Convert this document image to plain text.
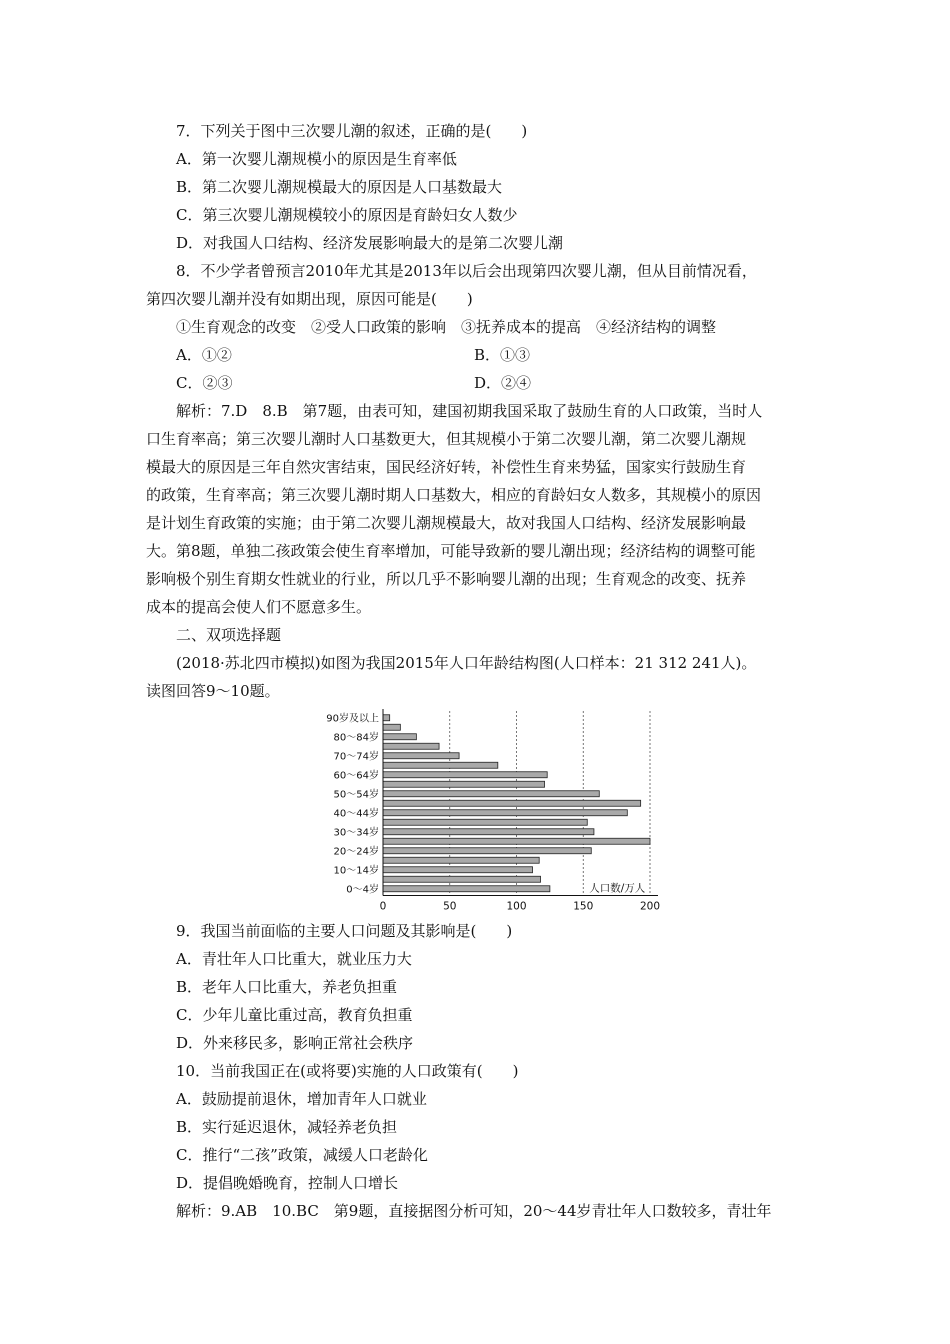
7．下列关于图中三次婴儿潮的叙述，正确的是(　　)
A．第一次婴儿潮规模小的原因是生育率低
B．第二次婴儿潮规模最大的原因是人口基数最大
C．第三次婴儿潮规模较小的原因是育龄妇女人数少
D．对我国人口结构、经济发展影响最大的是第二次婴儿潮
8．不少学者曾预言2010年尤其是2013年以后会出现第四次婴儿潮，但从目前情况看，
第四次婴儿潮并没有如期出现，原因可能是(　　)
①生育观念的改变　②受人口政策的影响　③抚养成本的提高　④经济结构的调整
A．①②	B．①③
C．②③	D．②④
解析：7.D　8.B　第7题，由表可知，建国初期我国采取了鼓励生育的人口政策，当时人
口生育率高；第三次婴儿潮时人口基数更大，但其规模小于第二次婴儿潮，第二次婴儿潮规
模最大的原因是三年自然灾害结束，国民经济好转，补偿性生育来势猛，国家实行鼓励生育
的政策，生育率高；第三次婴儿潮时期人口基数大，相应的育龄妇女人数多，其规模小的原因
是计划生育政策的实施；由于第二次婴儿潮规模最大，故对我国人口结构、经济发展影响最
大。第8题，单独二孩政策会使生育率增加，可能导致新的婴儿潮出现；经济结构的调整可能
影响极个别生育期女性就业的行业，所以几乎不影响婴儿潮的出现；生育观念的改变、抚养
成本的提高会使人们不愿意多生。
二、双项选择题
(2018·苏北四市模拟)如图为我国2015年人口年龄结构图(人口样本：21 312 241人)。
读图回答9～10题。
0～4岁
10～14岁
20～24岁
30～34岁
40～44岁
50～54岁
60～64岁
70～74岁
80～84岁
90岁及以上
0	50	100	150	200
人口数/万人
9．我国当前面临的主要人口问题及其影响是(　　)
A．青壮年人口比重大，就业压力大
B．老年人口比重大，养老负担重
C．少年儿童比重过高，教育负担重
D．外来移民多，影响正常社会秩序
10．当前我国正在(或将要)实施的人口政策有(　　)
A．鼓励提前退休，增加青年人口就业
B．实行延迟退休，减轻养老负担
C．推行“二孩”政策，减缓人口老龄化
D．提倡晚婚晚育，控制人口增长
解析：9.AB　10.BC　第9题，直接据图分析可知，20～44岁青壮年人口数较多，青壮年
